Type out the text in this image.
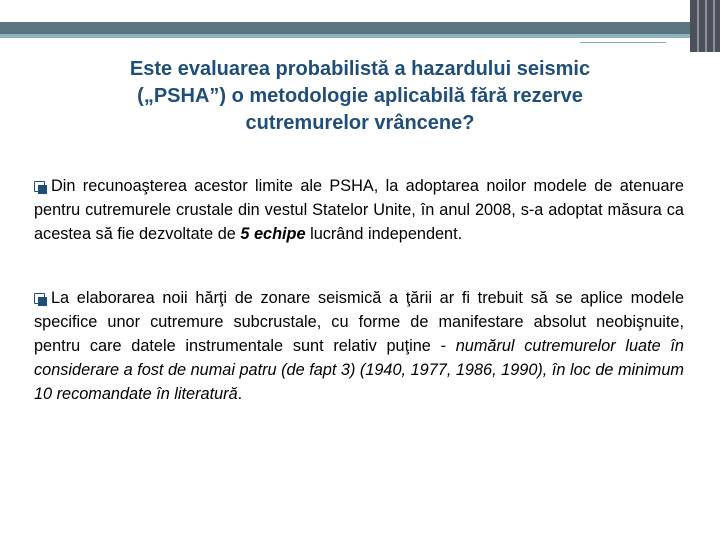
Este evaluarea probabilistă a hazardului seismic
(„PSHA”) o metodologie aplicabilă fără rezerve
cutremurelor vrâncene?
Din recunoaşterea acestor limite ale PSHA, la adoptarea noilor modele de atenuare pentru cutremurele crustale din vestul Statelor Unite, în anul 2008, s-a adoptat măsura ca acestea să fie dezvoltate de 5 echipe lucrând independent.
La elaborarea noii hărţi de zonare seismică a ţării ar fi trebuit să se aplice modele specifice unor cutremure subcrustale, cu forme de manifestare absolut neobişnuite, pentru care datele instrumentale sunt relativ puţine - numărul cutremurelor luate în considerare a fost de numai patru (de fapt 3) (1940, 1977, 1986, 1990), în loc de minimum 10 recomandate în literatură.
